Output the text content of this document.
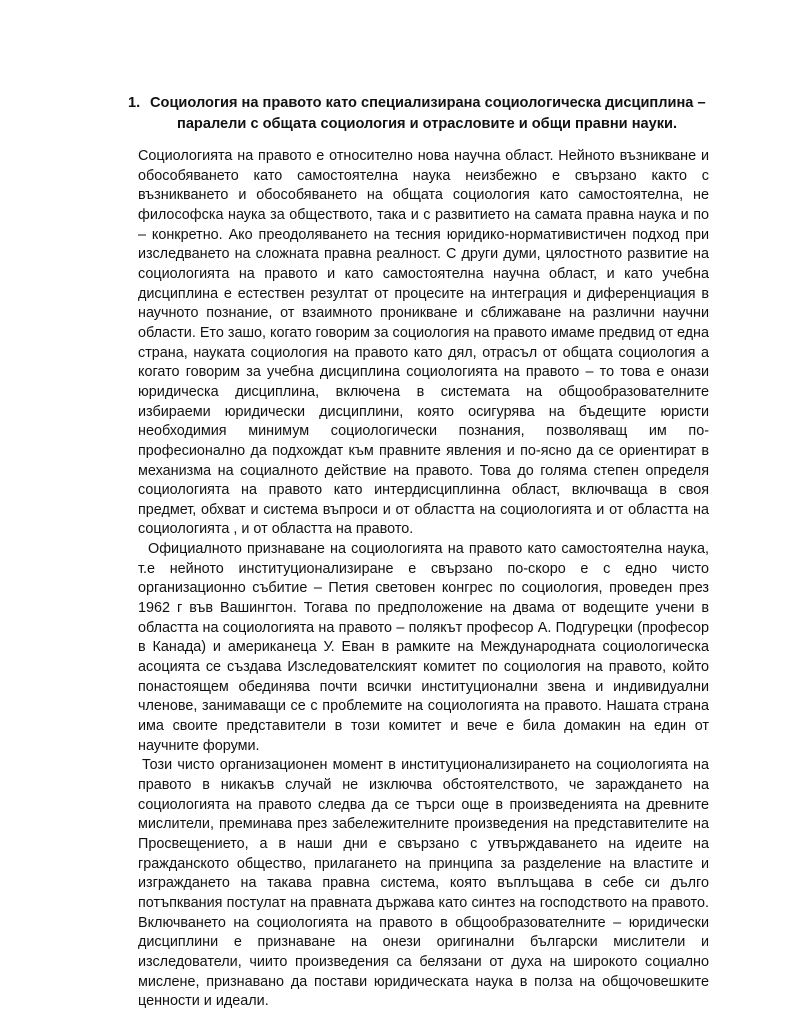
1. Социология на правото като специализирана социологическа дисциплина –
паралели с общата социология и отрасловите и общи правни науки.

Социологията на правото е относително нова научна област. Нейното възникване и обособяването като самостоятелна наука неизбежно е свързано както с възникването и обособяването на общата социология като самостоятелна, не философска наука за обществото, така и с развитието на самата правна наука и по – конкретно. Ако преодоляването на тесния юридико-нормативистичен подход при изследването на сложната правна реалност. С други думи, цялостното развитие на социологията на правото и като самостоятелна научна област, и като учебна дисциплина е естествен резултат от процесите на интеграция и диференциация в научното познание, от взаимното проникване и сближаване на различни научни области. Ето зашо, когато говорим за социология на правото имаме предвид от една страна, науката социология на правото като дял, отрасъл от общата социология а когато говорим за учебна дисциплина социологията на правото – то това е онази юридическа дисциплина, включена в системата на общообразователните избираеми юридически дисциплини, която осигурява на бъдещите юристи необходимия минимум социологически познания, позволяващ им по-професионално да подхождат към правните явления и по-ясно да се ориентират в механизма на социалното действие на правото. Това до голяма степен определя социологията на правото като интердисциплинна област, включваща в своя предмет, обхват и система въпроси и от областта на социологията и от областта на социологията , и от областта на правото.

Официалното признаване на социологията на правото като самостоятелна наука, т.е нейното институционализиране е свързано по-скоро е с едно чисто организационно събитие – Петия световен конгрес по социология, проведен през 1962 г във Вашингтон. Тогава по предположение на двама от водещите учени в областта на социологията на правото – полякът професор А. Подгурецки (професор в Канада) и американеца У. Еван в рамките на Международната социологическа асоцията се създава Изследователският комитет по социология на правото, който понастоящем обединява почти всички институционални звена и индивидуални членове, занимаващи се с проблемите на социологията на правото. Нашата страна има своите представители в този комитет и вече е била домакин на един от научните форуми.

Този чисто организационен момент в институционализирането на социологията на правото в никакъв случай не изключва обстоятелството, че заражданeто на социологията на правото следва да се търси още в произведенията на древните мислители, преминава през забележителните произведения на представителите на Просвещението, а в наши дни е свързано с утвърждаването на идеите на гражданското общество, прилагането на принципа за разделение на властите и изграждането на такава правна система, която въплъщава в себе си дълго потъпквания постулат на правната държава като синтез на господството на правото. Включването на социологията на правото в общообразователните – юридически дисциплини е признаване на онези оригинални български мислители и изследователи, чиито произведения са белязани от духа на широкото социално мислене, признавано да постави юридическата наука в полза на общочовешките ценности и идеали.
